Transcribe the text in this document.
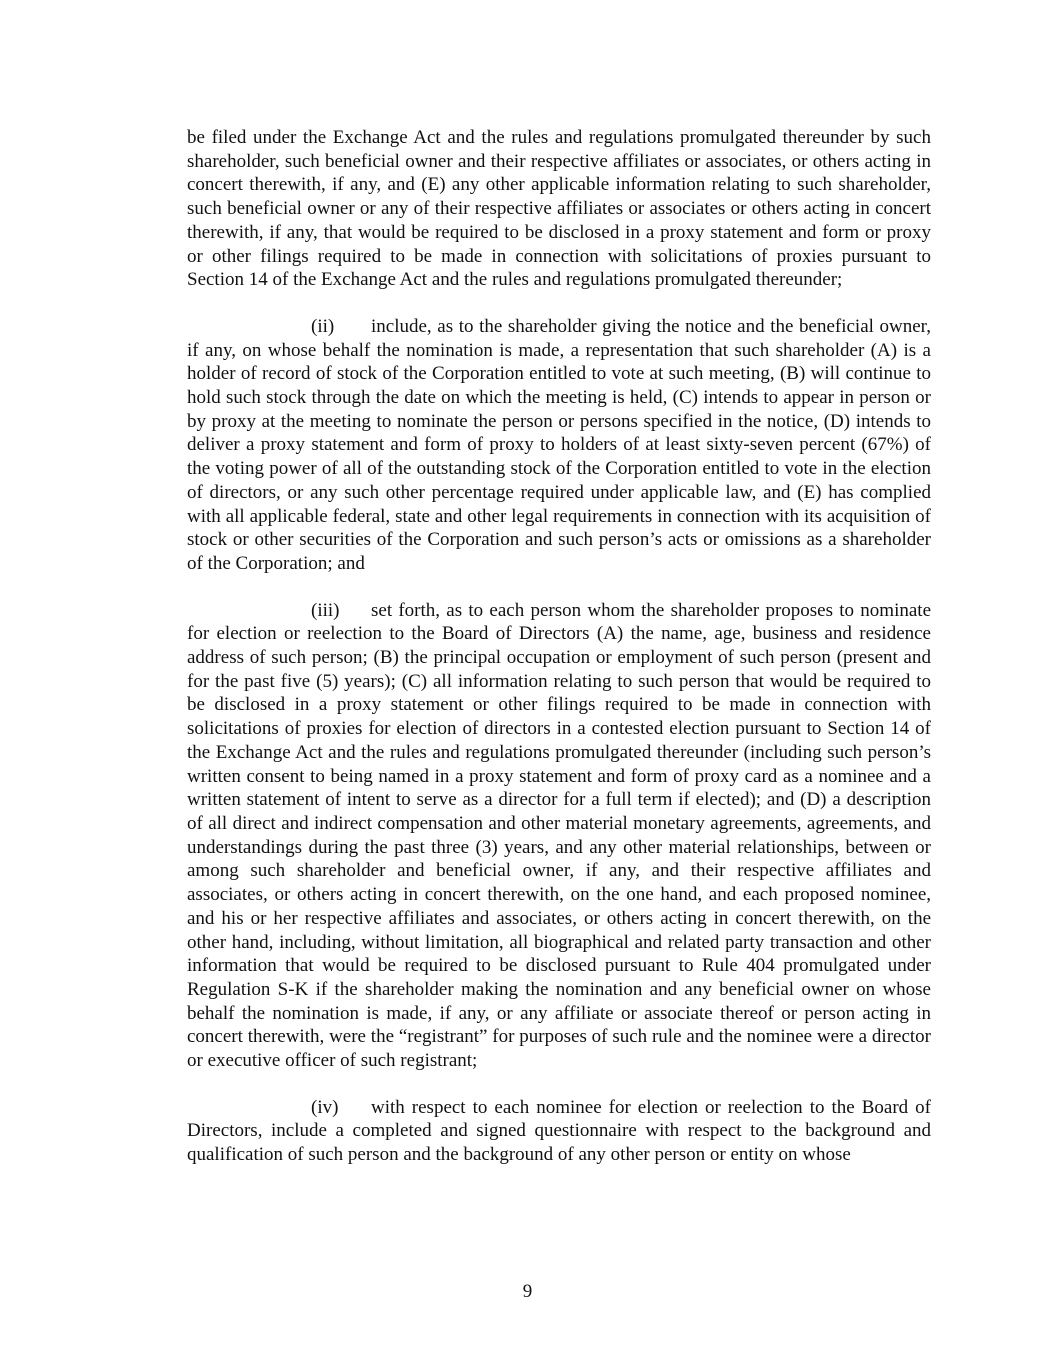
be filed under the Exchange Act and the rules and regulations promulgated thereunder by such shareholder, such beneficial owner and their respective affiliates or associates, or others acting in concert therewith, if any, and (E) any other applicable information relating to such shareholder, such beneficial owner or any of their respective affiliates or associates or others acting in concert therewith, if any, that would be required to be disclosed in a proxy statement and form or proxy or other filings required to be made in connection with solicitations of proxies pursuant to Section 14 of the Exchange Act and the rules and regulations promulgated thereunder;

(ii) include, as to the shareholder giving the notice and the beneficial owner, if any, on whose behalf the nomination is made, a representation that such shareholder (A) is a holder of record of stock of the Corporation entitled to vote at such meeting, (B) will continue to hold such stock through the date on which the meeting is held, (C) intends to appear in person or by proxy at the meeting to nominate the person or persons specified in the notice, (D) intends to deliver a proxy statement and form of proxy to holders of at least sixty-seven percent (67%) of the voting power of all of the outstanding stock of the Corporation entitled to vote in the election of directors, or any such other percentage required under applicable law, and (E) has complied with all applicable federal, state and other legal requirements in connection with its acquisition of stock or other securities of the Corporation and such person’s acts or omissions as a shareholder of the Corporation; and

(iii) set forth, as to each person whom the shareholder proposes to nominate for election or reelection to the Board of Directors (A) the name, age, business and residence address of such person; (B) the principal occupation or employment of such person (present and for the past five (5) years); (C) all information relating to such person that would be required to be disclosed in a proxy statement or other filings required to be made in connection with solicitations of proxies for election of directors in a contested election pursuant to Section 14 of the Exchange Act and the rules and regulations promulgated thereunder (including such person’s written consent to being named in a proxy statement and form of proxy card as a nominee and a written statement of intent to serve as a director for a full term if elected); and (D) a description of all direct and indirect compensation and other material monetary agreements, agreements, and understandings during the past three (3) years, and any other material relationships, between or among such shareholder and beneficial owner, if any, and their respective affiliates and associates, or others acting in concert therewith, on the one hand, and each proposed nominee, and his or her respective affiliates and associates, or others acting in concert therewith, on the other hand, including, without limitation, all biographical and related party transaction and other information that would be required to be disclosed pursuant to Rule 404 promulgated under Regulation S-K if the shareholder making the nomination and any beneficial owner on whose behalf the nomination is made, if any, or any affiliate or associate thereof or person acting in concert therewith, were the “registrant” for purposes of such rule and the nominee were a director or executive officer of such registrant;

(iv) with respect to each nominee for election or reelection to the Board of Directors, include a completed and signed questionnaire with respect to the background and qualification of such person and the background of any other person or entity on whose

9
